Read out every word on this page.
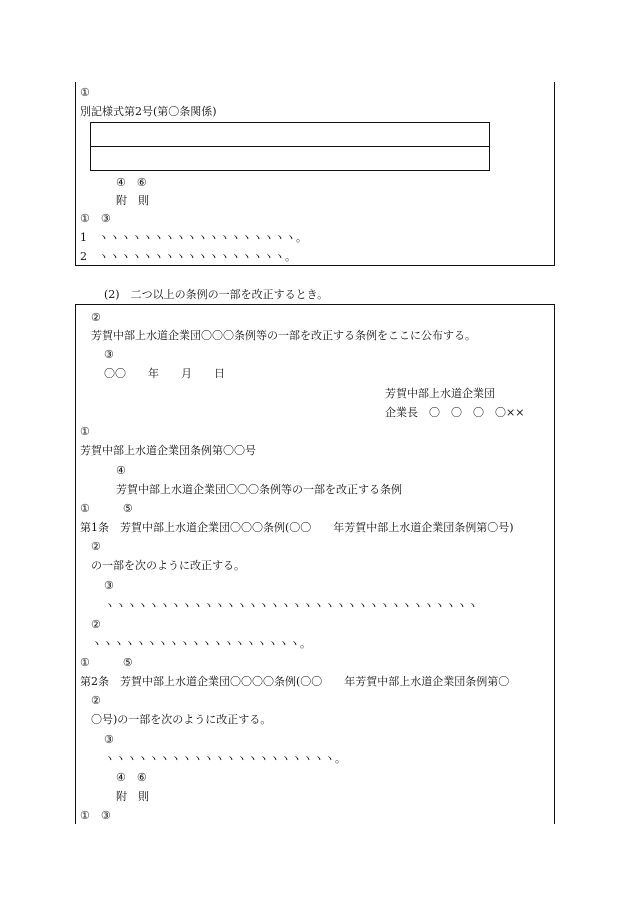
①
別記様式第2号(第〇条関係)
④　⑥
附　則
①　③
1　ヽヽヽヽヽヽヽヽヽヽヽヽヽヽヽヽヽヽ。
2　ヽヽヽヽヽヽヽヽヽヽヽヽヽヽヽヽヽ。
(2)　二つ以上の条例の一部を改正するとき。
②
芳賀中部上水道企業団〇〇〇条例等の一部を改正する条例をここに公布する。
③
〇〇　　年　　月　　日
芳賀中部上水道企業団
企業長　〇　〇　〇　〇××
①
芳賀中部上水道企業団条例第〇〇号
④
芳賀中部上水道企業団〇〇〇条例等の一部を改正する条例
①　　　⑤
第1条　芳賀中部上水道企業団〇〇〇条例(〇〇　　年芳賀中部上水道企業団条例第〇号)
②
の一部を次のように改正する。
③
ヽヽヽヽヽヽヽヽヽヽヽヽヽヽヽヽヽヽヽヽヽヽヽヽヽヽヽヽヽヽヽヽヽヽ
②
ヽヽヽヽヽヽヽヽヽヽヽヽヽヽヽヽヽヽヽ。
①　　　⑤
第2条　芳賀中部上水道企業団〇〇〇〇条例(〇〇　　年芳賀中部上水道企業団条例第〇
②
〇号)の一部を次のように改正する。
③
ヽヽヽヽヽヽヽヽヽヽヽヽヽヽヽヽヽヽヽヽヽ。
④　⑥
附　則
①　③
